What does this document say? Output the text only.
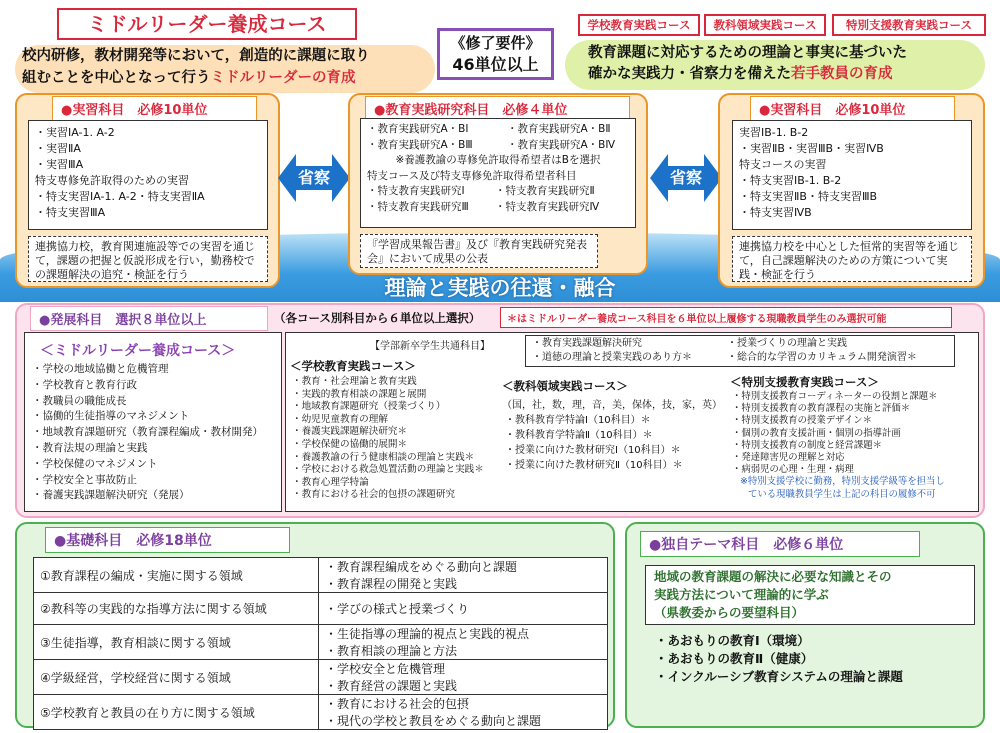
ミドルリーダー養成コース
校内研修，教材開発等において，創造的に課題に取り
組むことを中心となって行うミドルリーダーの育成
《修了要件》
46単位以上
学校教育実践コース	教科領域実践コース	特別支援教育実践コース
教育課題に対応するための理論と事実に基づいた
確かな実践力・省察力を備えた若手教員の育成
理論と実践の往還・融合
●実習科目　必修10単位
・実習ⅠA-1. A-2
・実習ⅡA
・実習ⅢA
特支専修免許取得のための実習
・特支実習ⅠA-1. A-2・特支実習ⅡA
・特支実習ⅢA
連携協力校，教育関連施設等での実習を通じて，課題の把握と仮説形成を行い，勤務校での課題解決の追究・検証を行う
省察	省察
●教育実践研究科目　必修４単位
・教育実践研究A・BⅠ	・教育実践研究A・BⅡ
・教育実践研究A・BⅢ	・教育実践研究A・BⅣ
※養護教諭の専修免許取得希望者はBを選択
特支コース及び特支専修免許取得希望者科目
・特支教育実践研究Ⅰ	・特支教育実践研究Ⅱ
・特支教育実践研究Ⅲ	・特支教育実践研究Ⅳ
『学習成果報告書』及び『教育実践研究発表会』において成果の公表
●実習科目　必修10単位
実習ⅠB-1. B-2
・実習ⅡB・実習ⅢB・実習ⅣB
特支コースの実習
・特支実習ⅠB-1. B-2
・特支実習ⅡB・特支実習ⅢB
・特支実習ⅣB
連携協力校を中心とした恒常的実習等を通じて，自己課題解決のための方策について実践・検証を行う
●発展科目　選択８単位以上	（各コース別科目から６単位以上選択）	＊はミドルリーダー養成コース科目を６単位以上履修する現職教員学生のみ選択可能
＜ミドルリーダー養成コース＞
・学校の地域協働と危機管理
・学校教育と教育行政
・教職員の職能成長
・協働的生徒指導のマネジメント
・地域教育課題研究（教育課程編成・教材開発）
・教育法規の理論と実践
・学校保健のマネジメント
・学校安全と事故防止
・養護実践課題解決研究（発展）
【学部新卒学生共通科目】	・教育実践課題解決研究	・授業づくりの理論と実践
・道徳の理論と授業実践のあり方＊	・総合的な学習のカリキュラム開発演習＊
＜学校教育実践コース＞
・教育・社会理論と教育実践
・実践的教育相談の課題と展開
・地域教育課題研究（授業づくり）
・幼児児童教育の理解
・養護実践課題解決研究＊
・学校保健の協働的展開＊
・養護教諭の行う健康相談の理論と実践＊
・学校における救急処置活動の理論と実践＊
・教育心理学特論
・教育における社会的包摂の課題研究
＜教科領域実践コース＞
（国，社，数，理，音，美，保体，技，家，英）
・教科教育学特論Ⅰ（10科目）＊
・教科教育学特論Ⅱ（10科目）＊
・授業に向けた教材研究Ⅰ（10科目）＊
・授業に向けた教材研究Ⅱ（10科目）＊
＜特別支援教育実践コース＞
・特別支援教育コーディネーターの役割と課題＊
・特別支援教育の教育課程の実施と評価＊
・特別支援教育の授業デザイン＊
・個別の教育支援計画・個別の指導計画
・特別支援教育の制度と経営課題＊
・発達障害児の理解と対応
・病弱児の心理・生理・病理
※特別支援学校に勤務，特別支援学級等を担当し
ている現職教員学生は上記の科目の履修不可
●基礎科目　必修18単位
①教育課程の編成・実施に関する領域	・教育課程編成をめぐる動向と課題
・教育課程の開発と実践

②教科等の実践的な指導方法に関する領域	・学びの様式と授業づくり

③生徒指導，教育相談に関する領域	・生徒指導の理論的視点と実践的視点
・教育相談の理論と方法

④学級経営，学校経営に関する領域	・学校安全と危機管理
・教育経営の課題と実践

⑤学校教育と教員の在り方に関する領域	・教育における社会的包摂
・現代の学校と教員をめぐる動向と課題
●独自テーマ科目　必修６単位
地域の教育課題の解決に必要な知識とその
実践方法について理論的に学ぶ
（県教委からの要望科目）
・あおもりの教育Ⅰ（環境）
・あおもりの教育Ⅱ（健康）
・インクルーシブ教育システムの理論と課題
